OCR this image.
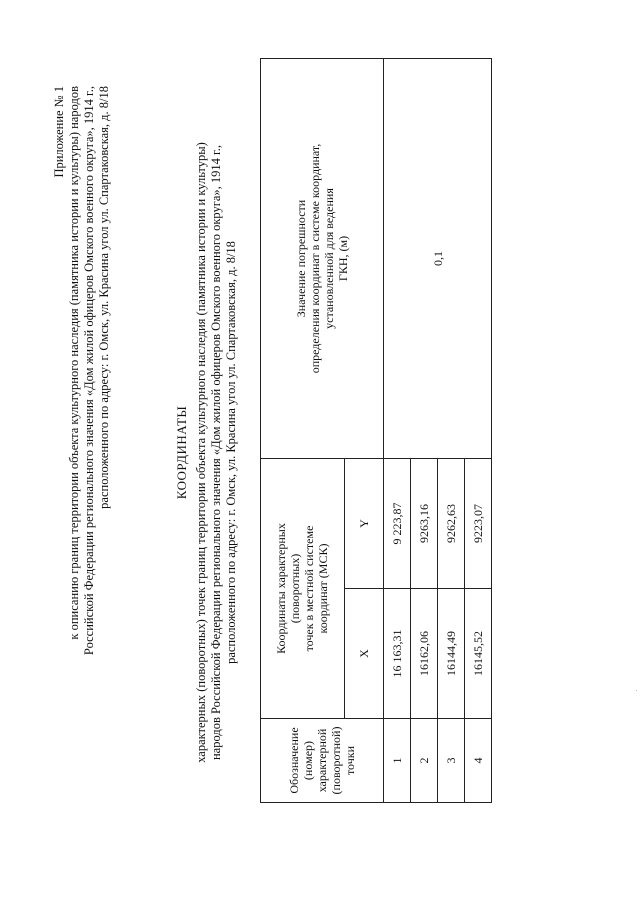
Приложение № 1 к описанию границ территории объекта культурного наследия (памятника истории и культуры) народов Российской Федерации регионального значения «Дом жилой офицеров Омского военного округа», 1914 г., расположенного по адресу: г. Омск, ул. Красина угол ул. Спартаковская, д. 8/18	КООРДИНАТЫ характерных (поворотных) точек границ территории объекта культурного наследия (памятника истории и культуры) народов Российской Федерации регионального значения «Дом жилой офицеров Омского военного округа», 1914 г., расположенного по адресу: г. Омск, ул. Красина угол ул. Спартаковская, д. 8/18
Обозначение (номер) характерной (поворотной) точки	Координаты характерных (поворотных) точек в местной системе координат (МСК)		Значение погрешности определения координат в системе координат, установленной для ведения ГКН, (м)

	X	Y	
1	16 163,31	9 223,87	0,1
2	16162,06	9263,16	
3	16144,49	9262,63	
4	16145,52	9223,07	
